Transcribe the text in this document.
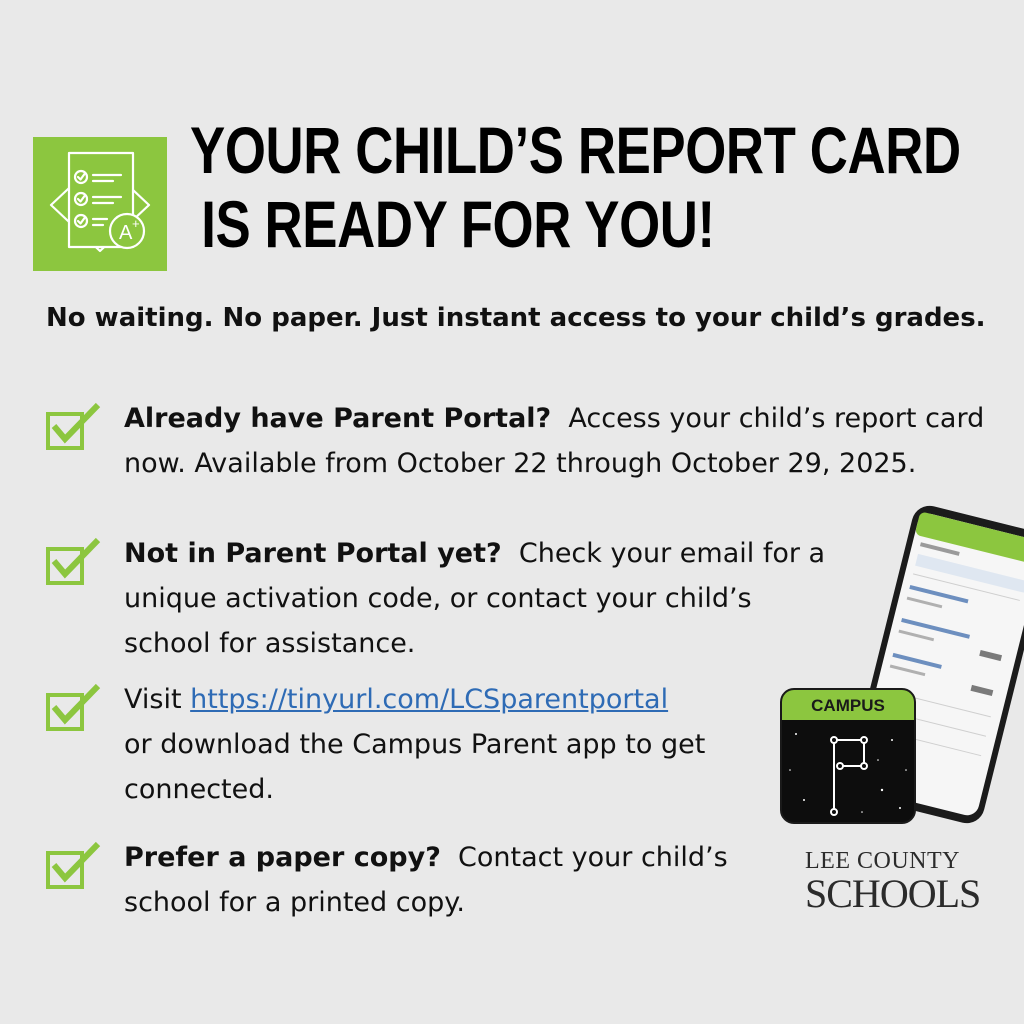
A +
YOUR CHILD’S REPORT CARD
IS READY FOR YOU!

No waiting. No paper. Just instant access to your child’s grades.

Already have Parent Portal? Access your child’s report card now. Available from October 22 through October 29, 2025.
Not in Parent Portal yet? Check your email for a unique activation code, or contact your child’s school for assistance.
Visit https://tinyurl.com/LCSparentportal
or download the Campus Parent app to get connected.
Prefer a paper copy? Contact your child’s school for a printed copy.
CAMPUS
LEE COUNTY
SCHOOLS
